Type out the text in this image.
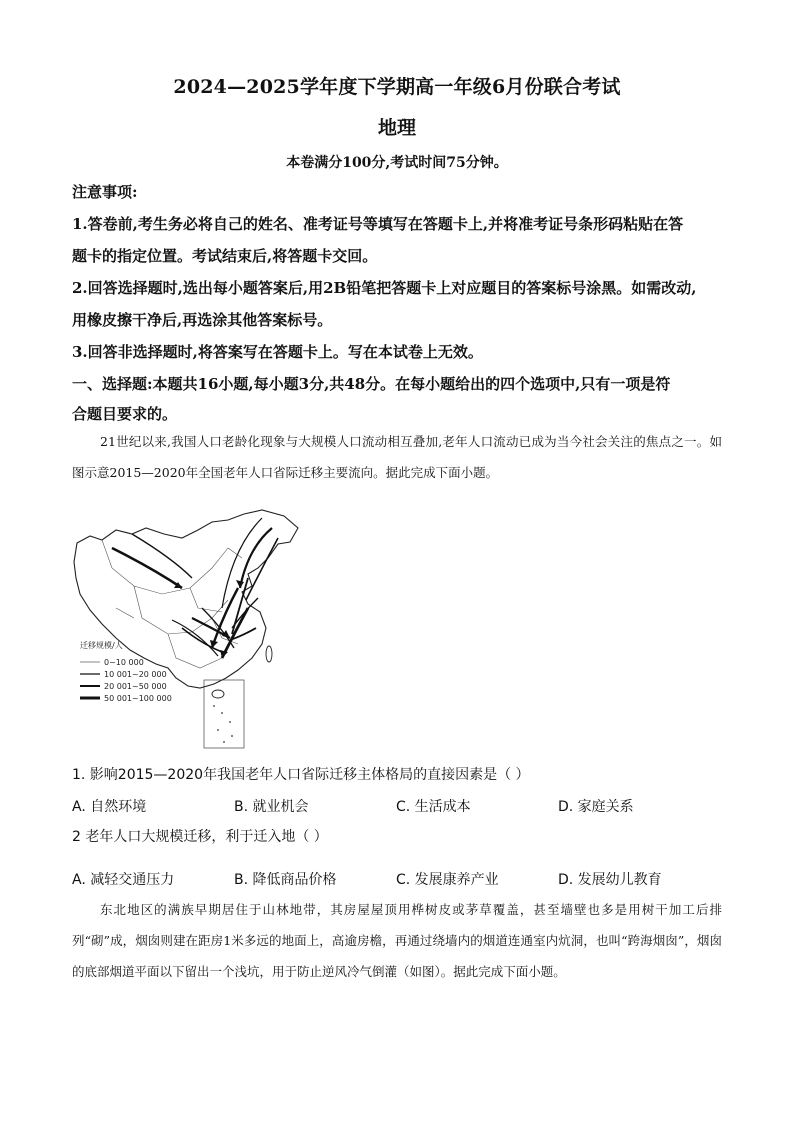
2024—2025学年度下学期高一年级6月份联合考试
地理
本卷满分100分,考试时间75分钟。
注意事项:
1.答卷前,考生务必将自己的姓名、准考证号等填写在答题卡上,并将准考证号条形码粘贴在答
题卡的指定位置。考试结束后,将答题卡交回。
2.回答选择题时,选出每小题答案后,用2B铅笔把答题卡上对应题目的答案标号涂黑。如需改动,
用橡皮擦干净后,再选涂其他答案标号。
3.回答非选择题时,将答案写在答题卡上。写在本试卷上无效。
一、选择题:本题共16小题,每小题3分,共48分。在每小题给出的四个选项中,只有一项是符
合题目要求的。
21世纪以来,我国人口老龄化现象与大规模人口流动相互叠加,老年人口流动已成为当今社会关注的焦点之一。如图示意2015—2020年全国老年人口省际迁移主要流向。据此完成下面小题。
迁移规模/人
0~10 000
10 001~20 000
20 001~50 000
50 001~100 000
1. 影响2015—2020年我国老年人口省际迁移主体格局的直接因素是（ ）
A. 自然环境	B. 就业机会	C. 生活成本	D. 家庭关系
2 老年人口大规模迁移，利于迁入地（ ）
A. 减轻交通压力	B. 降低商品价格	C. 发展康养产业	D. 发展幼儿教育
东北地区的满族早期居住于山林地带，其房屋屋顶用桦树皮或茅草覆盖，甚至墙壁也多是用树干加工后排列“砌”成，烟囱则建在距房1米多远的地面上，高逾房檐，再通过绕墙内的烟道连通室内炕洞，也叫“跨海烟囱”，烟囱的底部烟道平面以下留出一个浅坑，用于防止逆风冷气倒灌（如图）。据此完成下面小题。
